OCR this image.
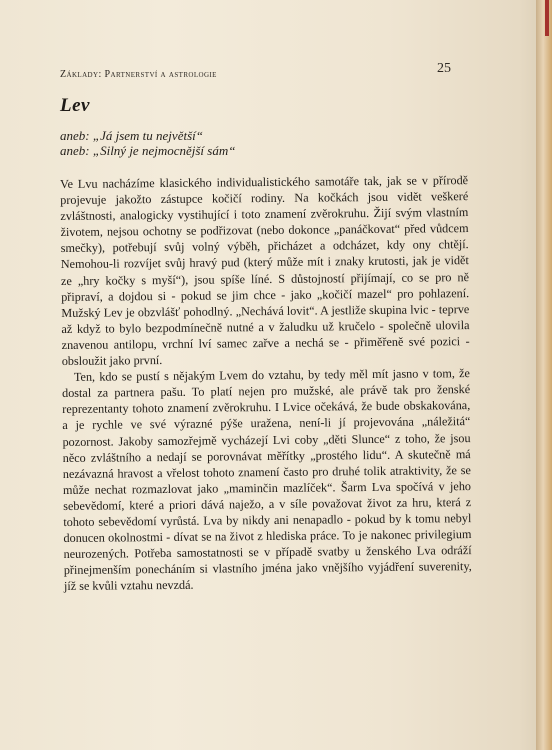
Základy: Partnerství a astrologie	25
Lev
aneb: „Já jsem tu největší“
aneb: „Silný je nejmocnější sám“

Ve Lvu nacházíme klasického individualistického samotáře tak, jak se v přírodě projevuje jakožto zástupce kočičí rodiny. Na kočkách jsou vidět veškeré zvláštnosti, analogicky vystihující i toto znamení zvěrokruhu. Žijí svým vlastním životem, nejsou ochotny se podřizovat (nebo dokonce „panáčkovat“ před vůdcem smečky), potřebují svůj volný výběh, přicházet a odcházet, kdy ony chtějí. Nemohou-li rozvíjet svůj hravý pud (který může mít i znaky krutosti, jak je vidět ze „hry kočky s myší“), jsou spíše líné. S důstojností přijímají, co se pro ně připraví, a dojdou si - pokud se jim chce - jako „kočičí mazel“ pro pohlazení. Mužský Lev je obzvlášť pohodlný. „Nechává lovit“. A jestliže skupina lvic - teprve až když to bylo bezpodmínečně nutné a v žaludku už kručelo - společně ulovila znavenou antilopu, vrchní lví samec zařve a nechá se - přiměřeně své pozici - obsloužit jako první.

Ten, kdo se pustí s nějakým Lvem do vztahu, by tedy měl mít jasno v tom, že dostal za partnera pašu. To platí nejen pro mužské, ale právě tak pro ženské reprezentanty tohoto znamení zvěrokruhu. I Lvice očekává, že bude obskakována, a je rychle ve své výrazné pýše uražena, není-li jí projevována „náležitá“ pozornost. Jakoby samozřejmě vycházejí Lvi coby „děti Slunce“ z toho, že jsou něco zvláštního a nedají se porovnávat měřítky „prostého lidu“. A skutečně má nezávazná hravost a vřelost tohoto znamení často pro druhé tolik atraktivity, že se může nechat rozmazlovat jako „maminčin mazlíček“. Šarm Lva spočívá v jeho sebevědomí, které a priori dává naježo, a v síle považovat život za hru, která z tohoto sebevědomí vyrůstá. Lva by nikdy ani nenapadlo - pokud by k tomu nebyl donucen okolnostmi - dívat se na život z hlediska práce. To je nakonec privilegium neurozených. Potřeba samostatnosti se v případě svatby u ženského Lva odráží přinejmenším ponecháním si vlastního jména jako vnějšího vyjádření suverenity, jíž se kvůli vztahu nevzdá.
